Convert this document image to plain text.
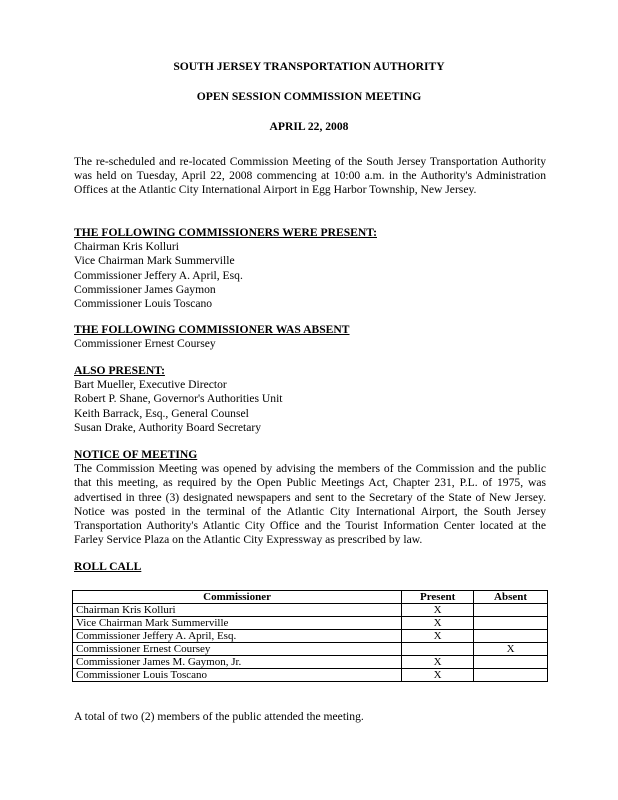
SOUTH JERSEY TRANSPORTATION AUTHORITY
OPEN SESSION COMMISSION MEETING
APRIL 22, 2008
The re-scheduled and re-located Commission Meeting of the South Jersey Transportation Authority was held on Tuesday, April 22, 2008 commencing at 10:00 a.m. in the Authority's Administration Offices at the Atlantic City International Airport in Egg Harbor Township, New Jersey.
THE FOLLOWING COMMISSIONERS WERE PRESENT:
Chairman Kris Kolluri
Vice Chairman Mark Summerville
Commissioner Jeffery A. April, Esq.
Commissioner James Gaymon
Commissioner Louis Toscano
THE FOLLOWING COMMISSIONER WAS ABSENT
Commissioner Ernest Coursey
ALSO PRESENT:
Bart Mueller, Executive Director
Robert P. Shane, Governor's Authorities Unit
Keith Barrack, Esq., General Counsel
Susan Drake, Authority Board Secretary
NOTICE OF MEETING
The Commission Meeting was opened by advising the members of the Commission and the public that this meeting, as required by the Open Public Meetings Act, Chapter 231, P.L. of 1975, was advertised in three (3) designated newspapers and sent to the Secretary of the State of New Jersey. Notice was posted in the terminal of the Atlantic City International Airport, the South Jersey Transportation Authority's Atlantic City Office and the Tourist Information Center located at the Farley Service Plaza on the Atlantic City Expressway as prescribed by law.
ROLL CALL
Commissioner	Present	Absent
Chairman Kris Kolluri	X	
Vice Chairman Mark Summerville	X	
Commissioner Jeffery A. April, Esq.	X	
Commissioner Ernest Coursey		X
Commissioner James M. Gaymon, Jr.	X	
Commissioner Louis Toscano	X	
A total of two (2) members of the public attended the meeting.
